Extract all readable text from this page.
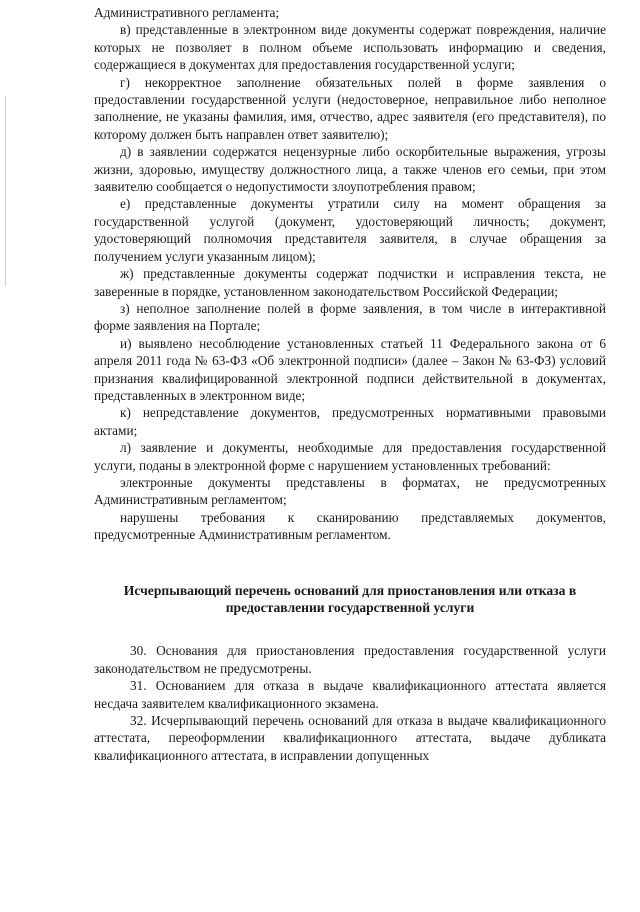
Административного регламента;

в) представленные в электронном виде документы содержат повреждения, наличие которых не позволяет в полном объеме использовать информацию и сведения, содержащиеся в документах для предоставления государственной услуги;

г) некорректное заполнение обязательных полей в форме заявления о предоставлении государственной услуги (недостоверное, неправильное либо неполное заполнение, не указаны фамилия, имя, отчество, адрес заявителя (его представителя), по которому должен быть направлен ответ заявителю);

д) в заявлении содержатся нецензурные либо оскорбительные выражения, угрозы жизни, здоровью, имуществу должностного лица, а также членов его семьи, при этом заявителю сообщается о недопустимости злоупотребления правом;

е) представленные документы утратили силу на момент обращения за государственной услугой (документ, удостоверяющий личность; документ, удостоверяющий полномочия представителя заявителя, в случае обращения за получением услуги указанным лицом);

ж) представленные документы содержат подчистки и исправления текста, не заверенные в порядке, установленном законодательством Российской Федерации;

з) неполное заполнение полей в форме заявления, в том числе в интерактивной форме заявления на Портале;

и) выявлено несоблюдение установленных статьей 11 Федерального закона от 6 апреля 2011 года № 63-ФЗ «Об электронной подписи» (далее – Закон № 63-ФЗ) условий признания квалифицированной электронной подписи действительной в документах, представленных в электронном виде;

к) непредставление документов, предусмотренных нормативными правовыми актами;

л) заявление и документы, необходимые для предоставления государственной услуги, поданы в электронной форме с нарушением установленных требований:

электронные документы представлены в форматах, не предусмотренных Административным регламентом;

нарушены требования к сканированию представляемых документов, предусмотренные Административным регламентом.

Исчерпывающий перечень оснований для приостановления или отказа в предоставлении государственной услуги

30. Основания для приостановления предоставления государственной услуги законодательством не предусмотрены.

31. Основанием для отказа в выдаче квалификационного аттестата является несдача заявителем квалификационного экзамена.

32. Исчерпывающий перечень оснований для отказа в выдаче квалификационного аттестата, переоформлении квалификационного аттестата, выдаче дубликата квалификационного аттестата, в исправлении допущенных
